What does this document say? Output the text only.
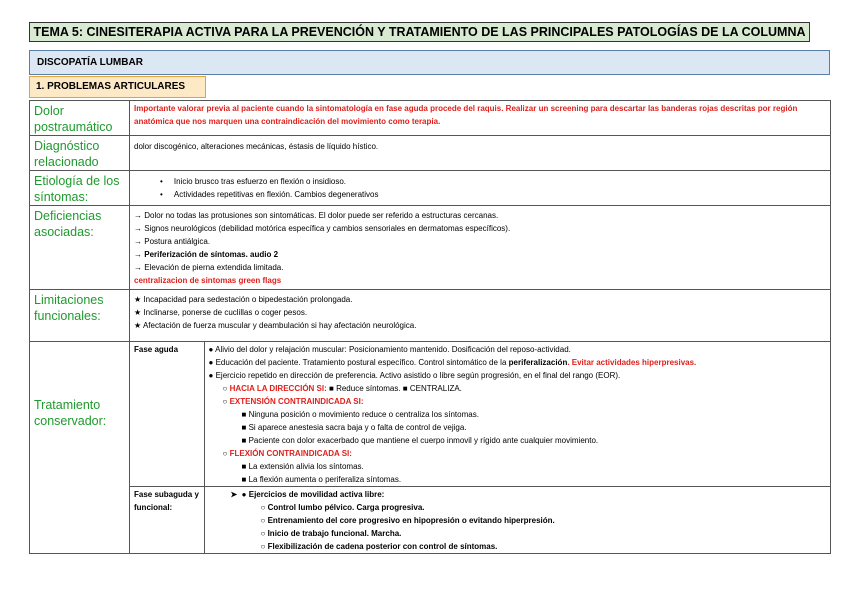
TEMA 5: CINESITERAPIA ACTIVA PARA LA PREVENCIÓN Y TRATAMIENTO DE LAS PRINCIPALES PATOLOGÍAS DE LA COLUMNA
DISCOPATÍA LUMBAR
1. PROBLEMAS ARTICULARES
Dolor postraumático	Importante valorar previa al paciente cuando la sintomatología en fase aguda procede del raquis. Realizar un screening para descartar las banderas rojas descritas por región anatómica que nos marquen una contraindicación del movimiento como terapia.
Diagnóstico relacionado	dolor discogénico, alteraciones mecánicas, éstasis de líquido hístico.
Etiología de los síntomas:	
•     Inicio brusco tras esfuerzo en flexión o insidioso.
•     Actividades repetitivas en flexión. Cambios degenerativos

Deficiencias asociadas:	
→ Dolor no todas las protusiones son sintomáticas. El dolor puede ser referido a estructuras cercanas.
→ Signos neurológicos (debilidad motórica específica y cambios sensoriales en dermatomas específicos).
→ Postura antiálgica.
→ Periferización de síntomas. audio 2
→ Elevación de pierna extendida limitada.
centralizacion de sintomas green flags

Limitaciones funcionales:	
★ Incapacidad para sedestación o bipedestación prolongada.
★ Inclinarse, ponerse de cuclillas o coger pesos.
★ Afectación de fuerza muscular y deambulación si hay afectación neurológica.

Tratamiento conservador:	
Fase aguda	● Alivio del dolor y relajación muscular: Posicionamiento mantenido. Dosificación del reposo-actividad.
● Educación del paciente. Tratamiento postural específico. Control sintomático de la periferalización. Evitar actividades hiperpresivas.
● Ejercicio repetido en dirección de preferencia. Activo asistido o libre según progresión, en el final del rango (EOR).
○ HACIA LA DIRECCIÓN SI: ■ Reduce síntomas. ■ CENTRALIZA.
○ EXTENSIÓN CONTRAINDICADA SI:
■ Ninguna posición o movimiento reduce o centraliza los síntomas.
■ Si aparece anestesia sacra baja y o falta de control de vejiga.
■ Paciente con dolor exacerbado que mantiene el cuerpo inmovil y rígido ante cualquier movimiento.
○ FLEXIÓN CONTRAINDICADA SI:
■ La extensión alivia los síntomas.
■ La flexión aumenta o periferaliza síntomas.

Fase subaguda y funcional:	
➤ ● Ejercicios de movilidad activa libre:
○ Control lumbo pélvico. Carga progresiva.
○ Entrenamiento del core progresivo en hipopresión o evitando hiperpresión.
○ Inicio de trabajo funcional. Marcha.
○ Flexibilización de cadena posterior con control de síntomas.
